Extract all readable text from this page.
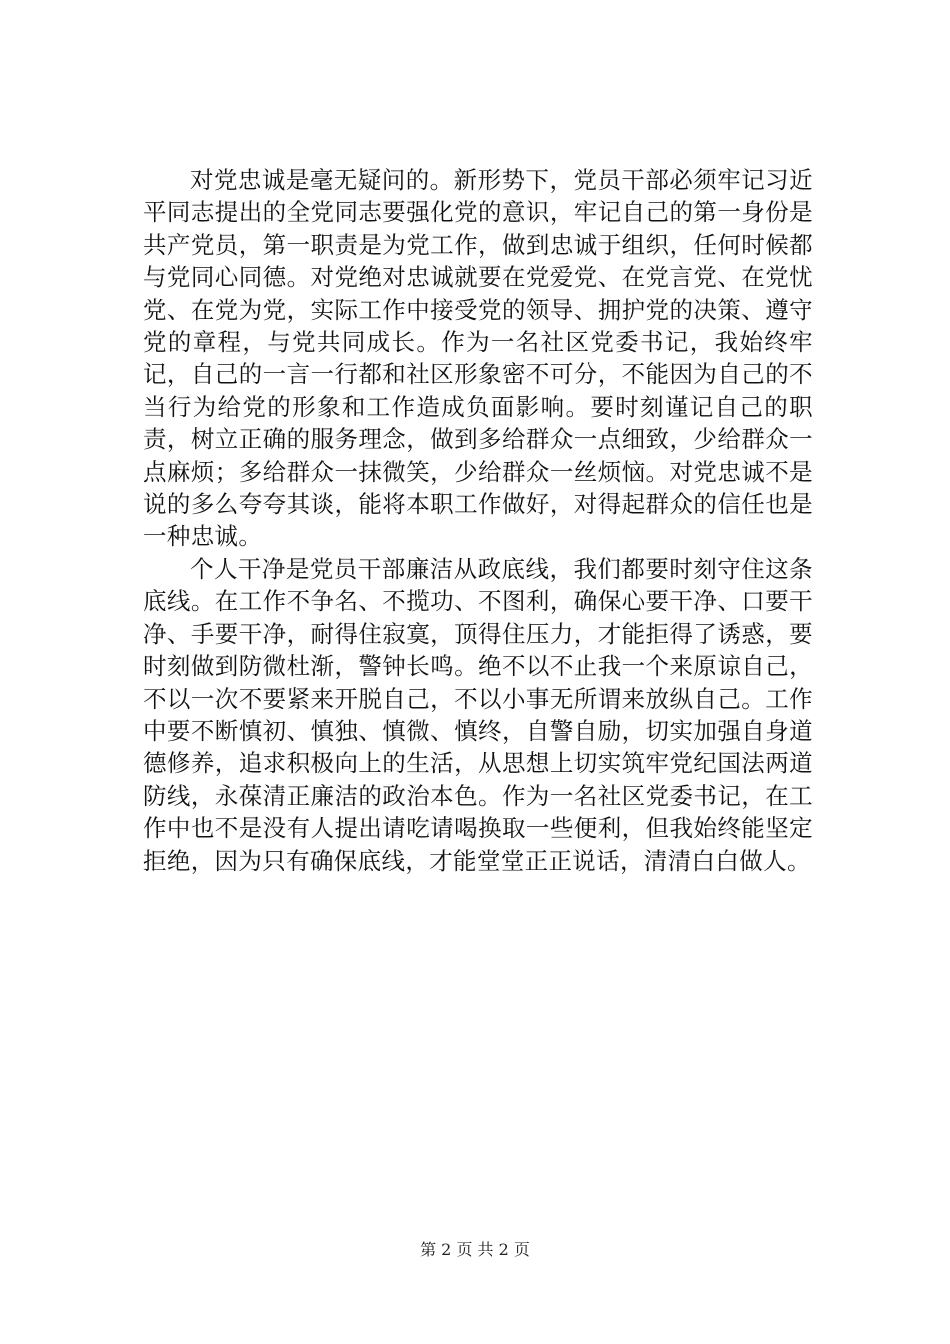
对党忠诚是毫无疑问的。新形势下，党员干部必须牢记习近平同志提出的全党同志要强化党的意识，牢记自己的第一身份是共产党员，第一职责是为党工作，做到忠诚于组织，任何时候都与党同心同德。对党绝对忠诚就要在党爱党、在党言党、在党忧党、在党为党，实际工作中接受党的领导、拥护党的决策、遵守党的章程，与党共同成长。作为一名社区党委书记，我始终牢记，自己的一言一行都和社区形象密不可分，不能因为自己的不当行为给党的形象和工作造成负面影响。要时刻谨记自己的职责，树立正确的服务理念，做到多给群众一点细致，少给群众一点麻烦；多给群众一抹微笑，少给群众一丝烦恼。对党忠诚不是说的多么夸夸其谈，能将本职工作做好，对得起群众的信任也是一种忠诚。

个人干净是党员干部廉洁从政底线，我们都要时刻守住这条底线。在工作不争名、不揽功、不图利，确保心要干净、口要干净、手要干净，耐得住寂寞，顶得住压力，才能拒得了诱惑，要时刻做到防微杜渐，警钟长鸣。绝不以不止我一个来原谅自己，不以一次不要紧来开脱自己，不以小事无所谓来放纵自己。工作中要不断慎初、慎独、慎微、慎终，自警自励，切实加强自身道德修养，追求积极向上的生活，从思想上切实筑牢党纪国法两道防线，永葆清正廉洁的政治本色。作为一名社区党委书记，在工作中也不是没有人提出请吃请喝换取一些便利，但我始终能坚定拒绝，因为只有确保底线，才能堂堂正正说话，清清白白做人。

第 2 页 共 2 页
